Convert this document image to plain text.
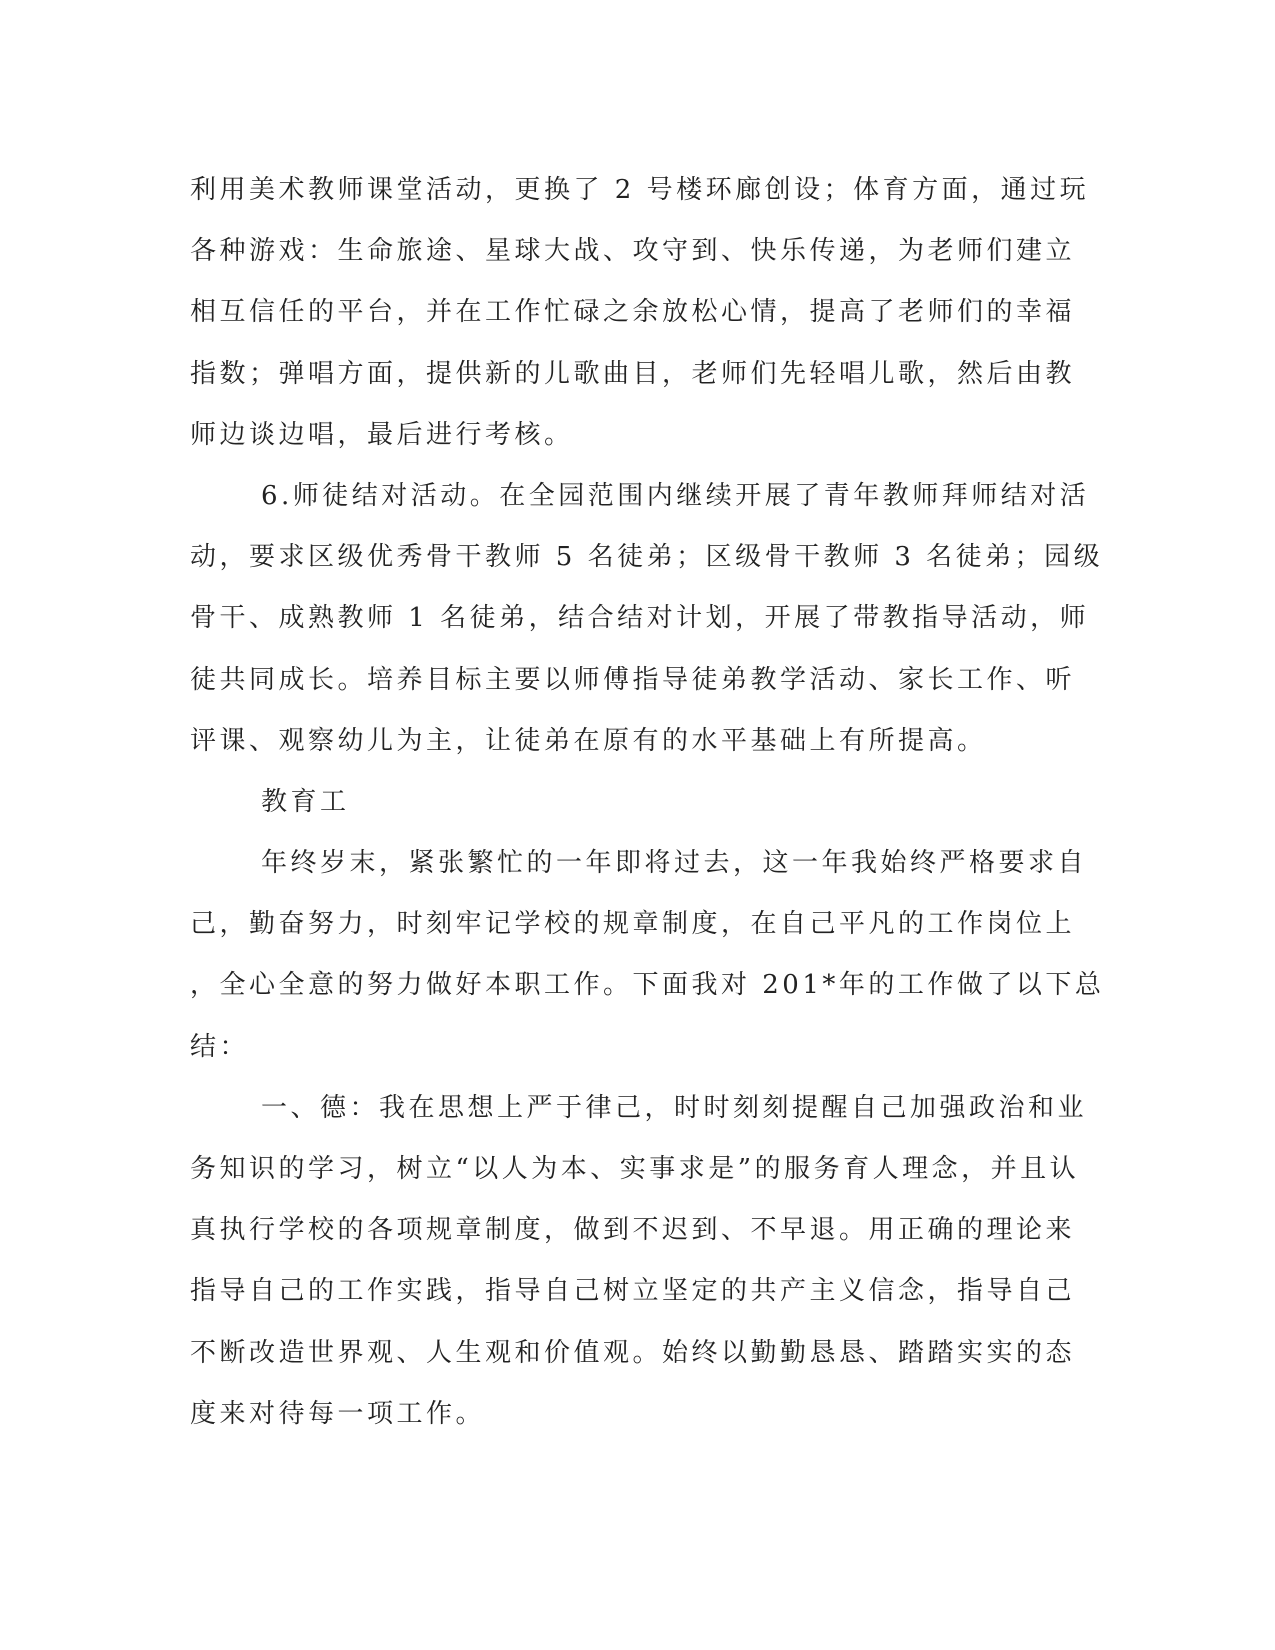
利用美术教师课堂活动，更换了 2 号楼环廊创设；体育方面，通过玩
各种游戏：生命旅途、星球大战、攻守到、快乐传递，为老师们建立
相互信任的平台，并在工作忙碌之余放松心情，提高了老师们的幸福
指数；弹唱方面，提供新的儿歌曲目，老师们先轻唱儿歌，然后由教
师边谈边唱，最后进行考核。
6.师徒结对活动。在全园范围内继续开展了青年教师拜师结对活
动，要求区级优秀骨干教师 5 名徒弟；区级骨干教师 3 名徒弟；园级
骨干、成熟教师 1 名徒弟，结合结对计划，开展了带教指导活动，师
徒共同成长。培养目标主要以师傅指导徒弟教学活动、家长工作、听
评课、观察幼儿为主，让徒弟在原有的水平基础上有所提高。
教育工
年终岁末，紧张繁忙的一年即将过去，这一年我始终严格要求自
己，勤奋努力，时刻牢记学校的规章制度，在自己平凡的工作岗位上
，全心全意的努力做好本职工作。下面我对 201*年的工作做了以下总
结：
一、德：我在思想上严于律己，时时刻刻提醒自己加强政治和业
务知识的学习，树立“以人为本、实事求是”的服务育人理念，并且认
真执行学校的各项规章制度，做到不迟到、不早退。用正确的理论来
指导自己的工作实践，指导自己树立坚定的共产主义信念，指导自己
不断改造世界观、人生观和价值观。始终以勤勤恳恳、踏踏实实的态
度来对待每一项工作。
